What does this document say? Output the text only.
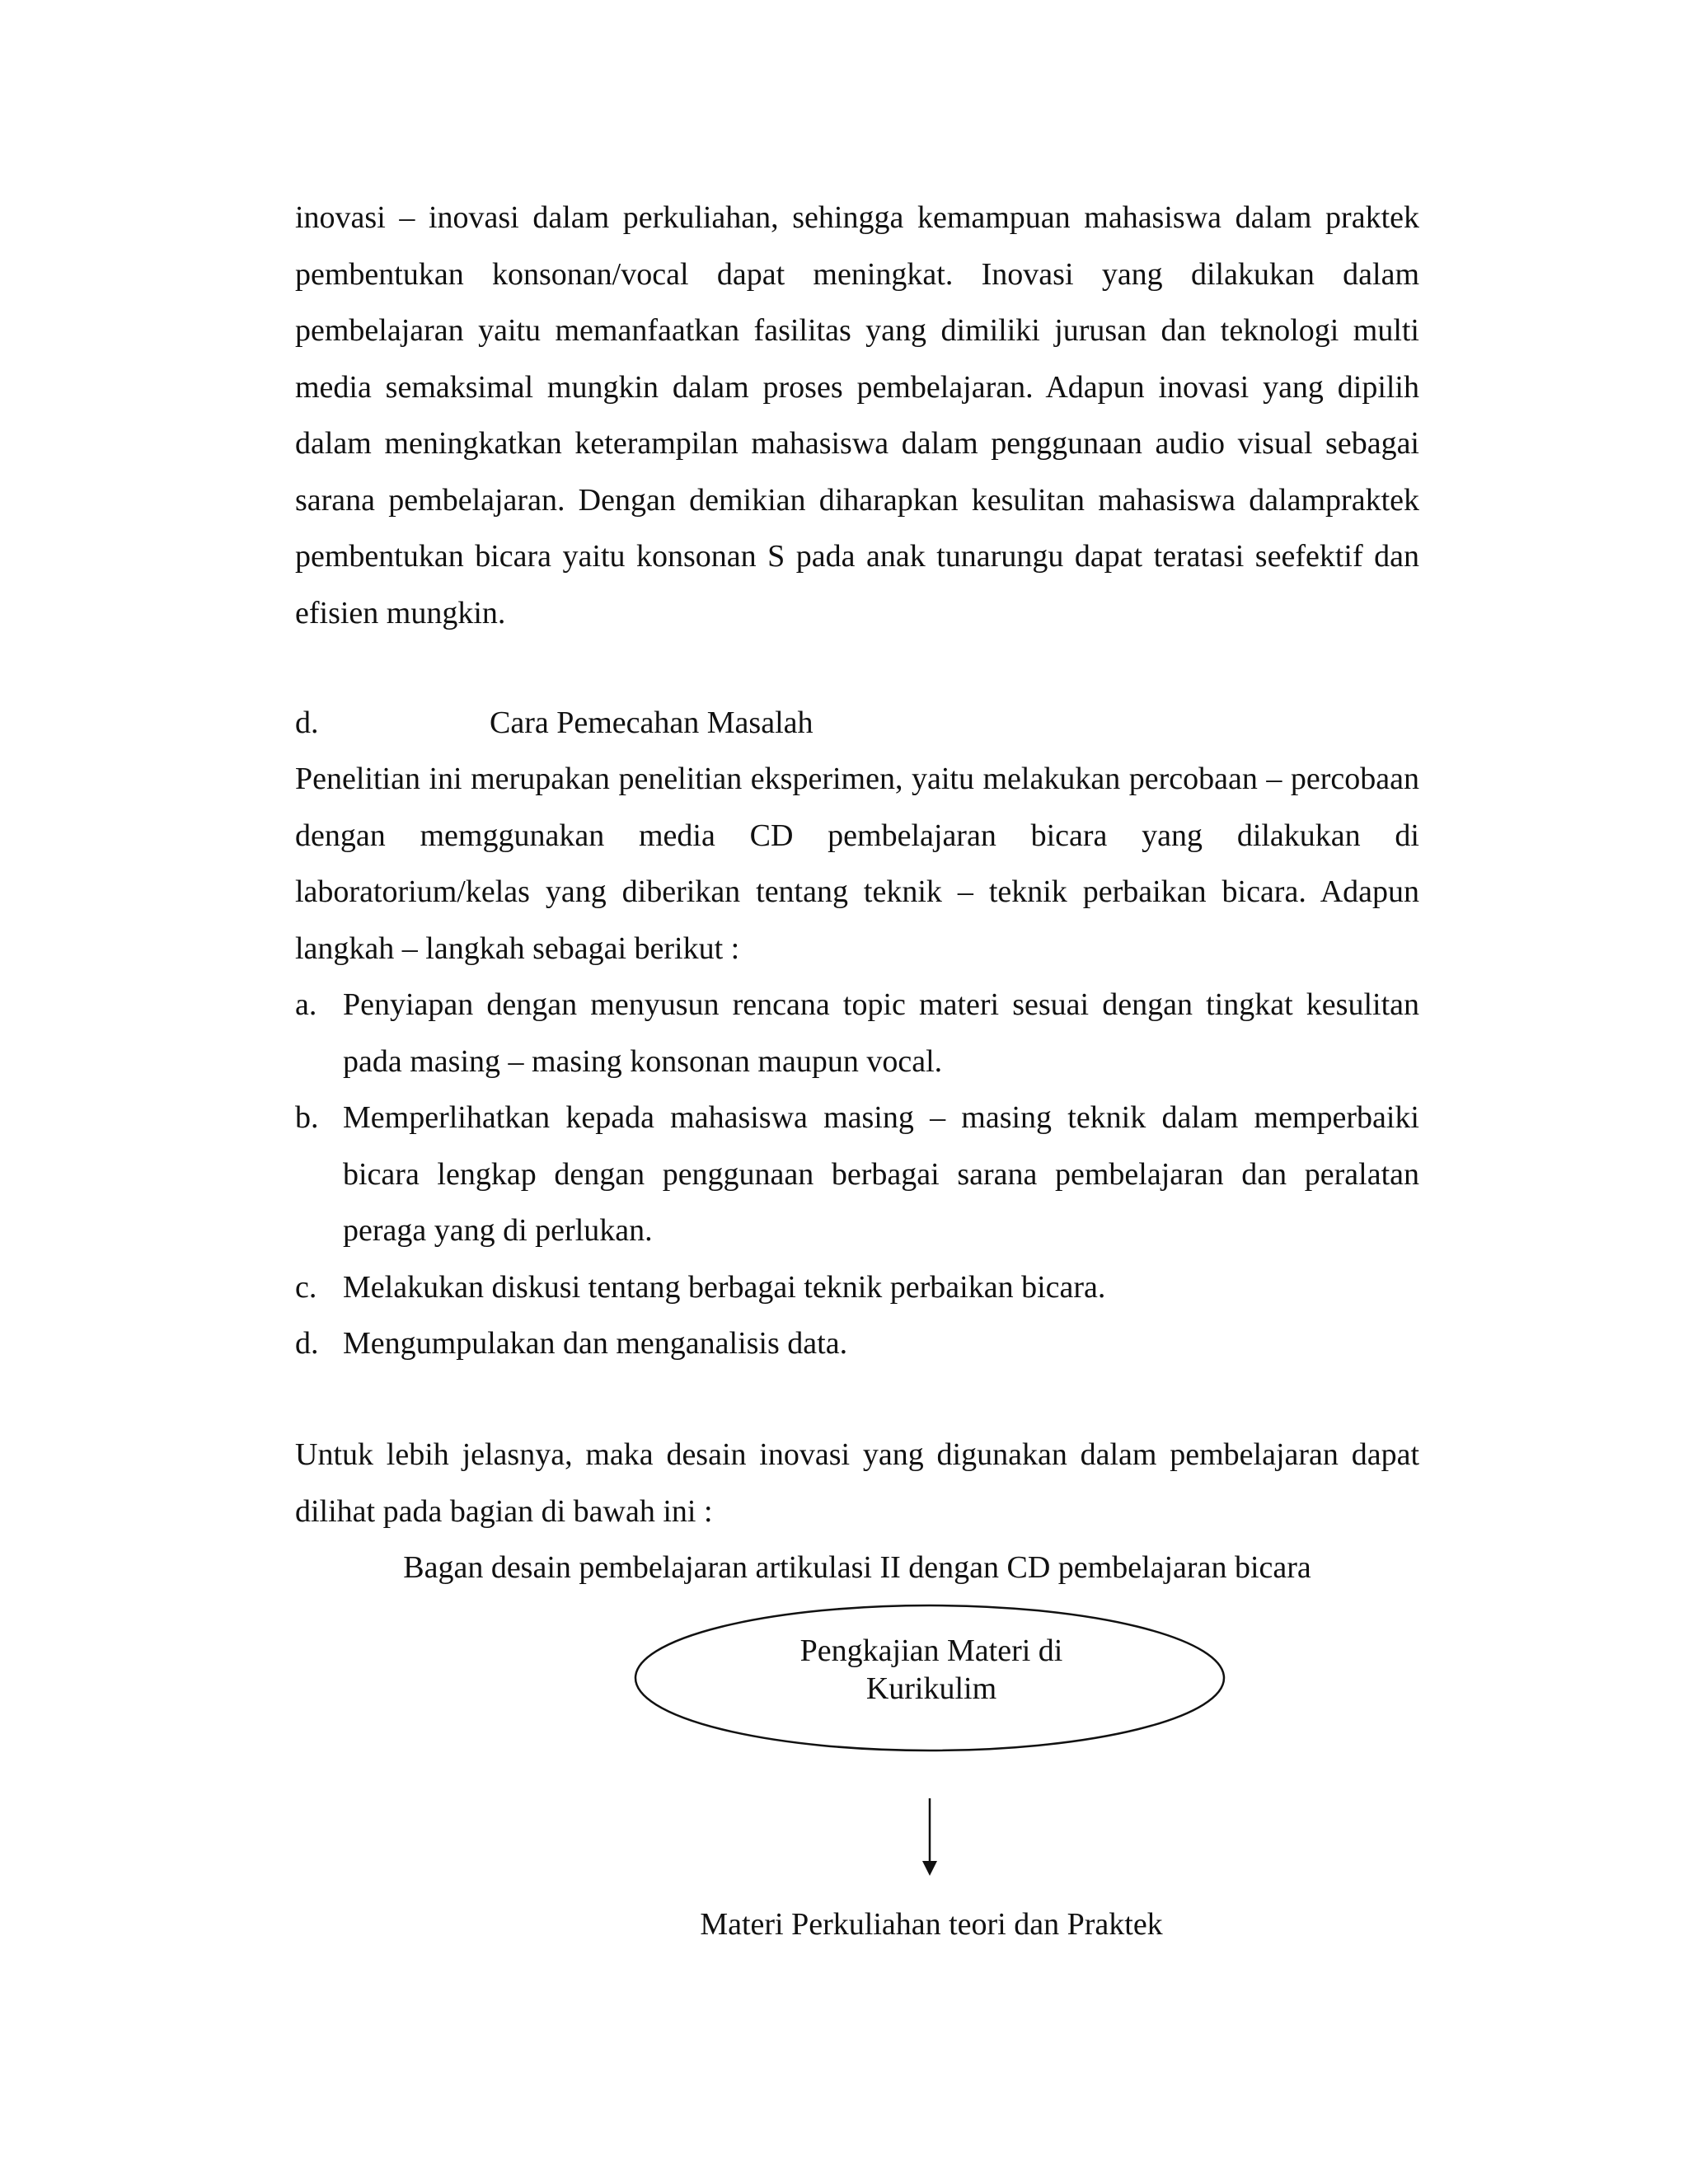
inovasi – inovasi dalam perkuliahan, sehingga kemampuan mahasiswa dalam praktek pembentukan konsonan/vocal dapat meningkat. Inovasi yang dilakukan dalam pembelajaran yaitu memanfaatkan fasilitas yang dimiliki jurusan dan teknologi multi media semaksimal mungkin dalam proses pembelajaran. Adapun inovasi yang dipilih dalam meningkatkan keterampilan mahasiswa dalam penggunaan audio visual sebagai sarana pembelajaran. Dengan demikian diharapkan kesulitan mahasiswa dalampraktek pembentukan bicara yaitu konsonan S pada anak tunarungu dapat teratasi seefektif dan efisien mungkin.

d.	Cara Pemecahan Masalah

Penelitian ini merupakan penelitian eksperimen, yaitu melakukan percobaan – percobaan dengan memggunakan media CD pembelajaran bicara yang dilakukan di laboratorium/kelas yang diberikan tentang teknik – teknik perbaikan bicara. Adapun langkah – langkah sebagai berikut :

a. Penyiapan dengan menyusun rencana topic materi sesuai dengan tingkat kesulitan pada masing – masing konsonan maupun vocal.
b. Memperlihatkan kepada mahasiswa masing – masing teknik dalam memperbaiki bicara lengkap dengan penggunaan berbagai sarana pembelajaran dan peralatan peraga yang di perlukan.
c. Melakukan diskusi tentang berbagai teknik perbaikan bicara.
d. Mengumpulakan dan menganalisis data.

Untuk lebih jelasnya, maka desain inovasi yang digunakan dalam pembelajaran dapat dilihat pada bagian di bawah ini :

Bagan desain pembelajaran artikulasi II dengan CD pembelajaran bicara
Pengkajian Materi di
Kurikulim
Materi Perkuliahan teori dan Praktek
